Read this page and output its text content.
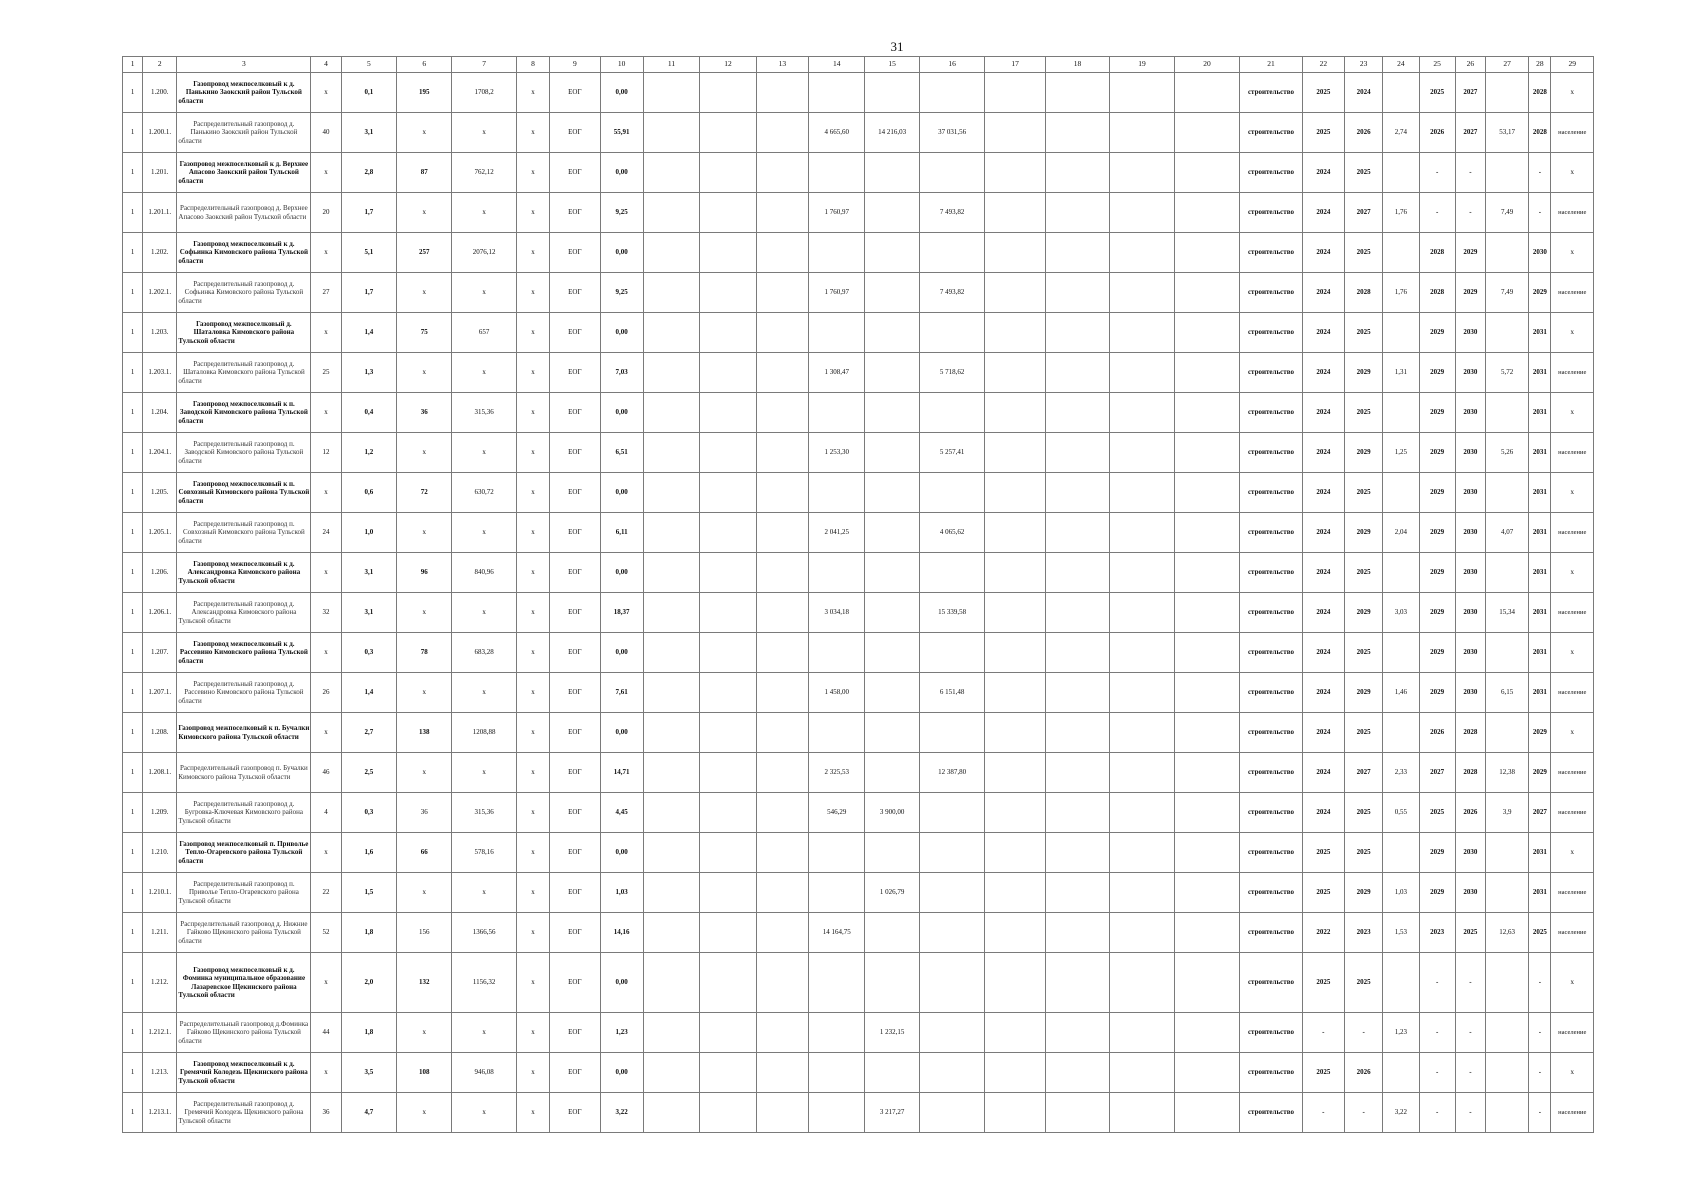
31
1	2	3	4	5	6	7	8	9	10	11	12	13	14	15	16	17	18	19	20	21	22	23	24	25	26	27	28	29
1	1.200.	Газопровод межпоселковый к д. Панькино Заокский район Тульской области	x	0,1	195	1708,2	x	ЕОГ	0,00											строительство	2025	2024		2025	2027		2028	x
1	1.200.1.	Распределительный газопровод д. Панькино Заокский район Тульской области	40	3,1	x	x	x	ЕОГ	55,91				4 665,60	14 216,03	37 031,56					строительство	2025	2026	2,74	2026	2027	53,17	2028	население
1	1.201.	Газопровод межпоселковый к д. Верхнее Апасово Заокский район Тульской области	x	2,8	87	762,12	x	ЕОГ	0,00											строительство	2024	2025		-	-		-	x
1	1.201.1.	Распределительный газопровод д. Верхнее Апасово Заокский район Тульской области	20	1,7	x	x	x	ЕОГ	9,25				1 760,97		7 493,82					строительство	2024	2027	1,76	-	-	7,49	-	население
1	1.202.	Газопровод межпоселковый к д. Софьинка Кимовского района Тульской области	x	5,1	257	2076,12	x	ЕОГ	0,00											строительство	2024	2025		2028	2029		2030	x
1	1.202.1.	Распределительный газопровод д. Софьинка Кимовского района Тульской области	27	1,7	x	x	x	ЕОГ	9,25				1 760,97		7 493,82					строительство	2024	2028	1,76	2028	2029	7,49	2029	население
1	1.203.	Газопровод межпоселковый д. Шаталовка Кимовского района Тульской области	x	1,4	75	657	x	ЕОГ	0,00											строительство	2024	2025		2029	2030		2031	x
1	1.203.1.	Распределительный газопровод д. Шаталовка Кимовского района Тульской области	25	1,3	x	x	x	ЕОГ	7,03				1 308,47		5 718,62					строительство	2024	2029	1,31	2029	2030	5,72	2031	население
1	1.204.	Газопровод межпоселковый к п. Заводской Кимовского района Тульской области	x	0,4	36	315,36	x	ЕОГ	0,00											строительство	2024	2025		2029	2030		2031	x
1	1.204.1.	Распределительный газопровод п. Заводской Кимовского района Тульской области	12	1,2	x	x	x	ЕОГ	6,51				1 253,30		5 257,41					строительство	2024	2029	1,25	2029	2030	5,26	2031	население
1	1.205.	Газопровод межпоселковый к п. Совхозный Кимовского района Тульской области	x	0,6	72	630,72	x	ЕОГ	0,00											строительство	2024	2025		2029	2030		2031	x
1	1.205.1.	Распределительный газопровод п. Совхозный Кимовского района Тульской области	24	1,0	x	x	x	ЕОГ	6,11				2 041,25		4 065,62					строительство	2024	2029	2,04	2029	2030	4,07	2031	население
1	1.206.	Газопровод межпоселковый к д. Александровка Кимовского района Тульской области	x	3,1	96	840,96	x	ЕОГ	0,00											строительство	2024	2025		2029	2030		2031	x
1	1.206.1.	Распределительный газопровод д. Александровка Кимовского района Тульской области	32	3,1	x	x	x	ЕОГ	18,37				3 034,18		15 339,58					строительство	2024	2029	3,03	2029	2030	15,34	2031	население
1	1.207.	Газопровод межпоселковый к д. Рассевино Кимовского района Тульской области	x	0,3	78	683,28	x	ЕОГ	0,00											строительство	2024	2025		2029	2030		2031	x
1	1.207.1.	Распределительный газопровод д. Рассевино Кимовского района Тульской области	26	1,4	x	x	x	ЕОГ	7,61				1 458,00		6 151,48					строительство	2024	2029	1,46	2029	2030	6,15	2031	население
1	1.208.	Газопровод межпоселковый к п. Бучалки Кимовского района Тульской области	x	2,7	138	1208,88	x	ЕОГ	0,00											строительство	2024	2025		2026	2028		2029	x
1	1.208.1.	Распределительный газопровод п. Бучалки Кимовского района Тульской области	46	2,5	x	x	x	ЕОГ	14,71				2 325,53		12 387,80					строительство	2024	2027	2,33	2027	2028	12,38	2029	население
1	1.209.	Распределительный газопровод д. Бугровка-Ключевая Кимовского района Тульской области	4	0,3	36	315,36	x	ЕОГ	4,45				546,29	3 900,00						строительство	2024	2025	0,55	2025	2026	3,9	2027	население
1	1.210.	Газопровод межпоселковый п. Приволье Тепло-Огаревского района Тульской области	x	1,6	66	578,16	x	ЕОГ	0,00											строительство	2025	2025		2029	2030		2031	x
1	1.210.1.	Распределительный газопровод п. Приволье Тепло-Огаревского района Тульской области	22	1,5	x	x	x	ЕОГ	1,03					1 026,79						строительство	2025	2029	1,03	2029	2030		2031	население
1	1.211.	Распределительный газопровод д. Нижние Гайково Щекинского района Тульской области	52	1,8	156	1366,56	x	ЕОГ	14,16				14 164,75							строительство	2022	2023	1,53	2023	2025	12,63	2025	население
1	1.212.	Газопровод межпоселковый к д. Фоминка муниципальное образование Лазаревское Щекинского района Тульской области	x	2,0	132	1156,32	x	ЕОГ	0,00											строительство	2025	2025		-	-		-	x
1	1.212.1.	Распределительный газопровод д.Фоминка Гайково Щекинского района Тульской области	44	1,8	x	x	x	ЕОГ	1,23					1 232,15						строительство	-	-	1,23	-	-		-	население
1	1.213.	Газопровод межпоселковый к д. Гремячий Колодезь Щекинского района Тульской области	x	3,5	108	946,08	x	ЕОГ	0,00											строительство	2025	2026		-	-		-	x
1	1.213.1.	Распределительный газопровод д. Гремячий Колодезь Щекинского района Тульской области	36	4,7	x	x	x	ЕОГ	3,22					3 217,27						строительство	-	-	3,22	-	-		-	население
